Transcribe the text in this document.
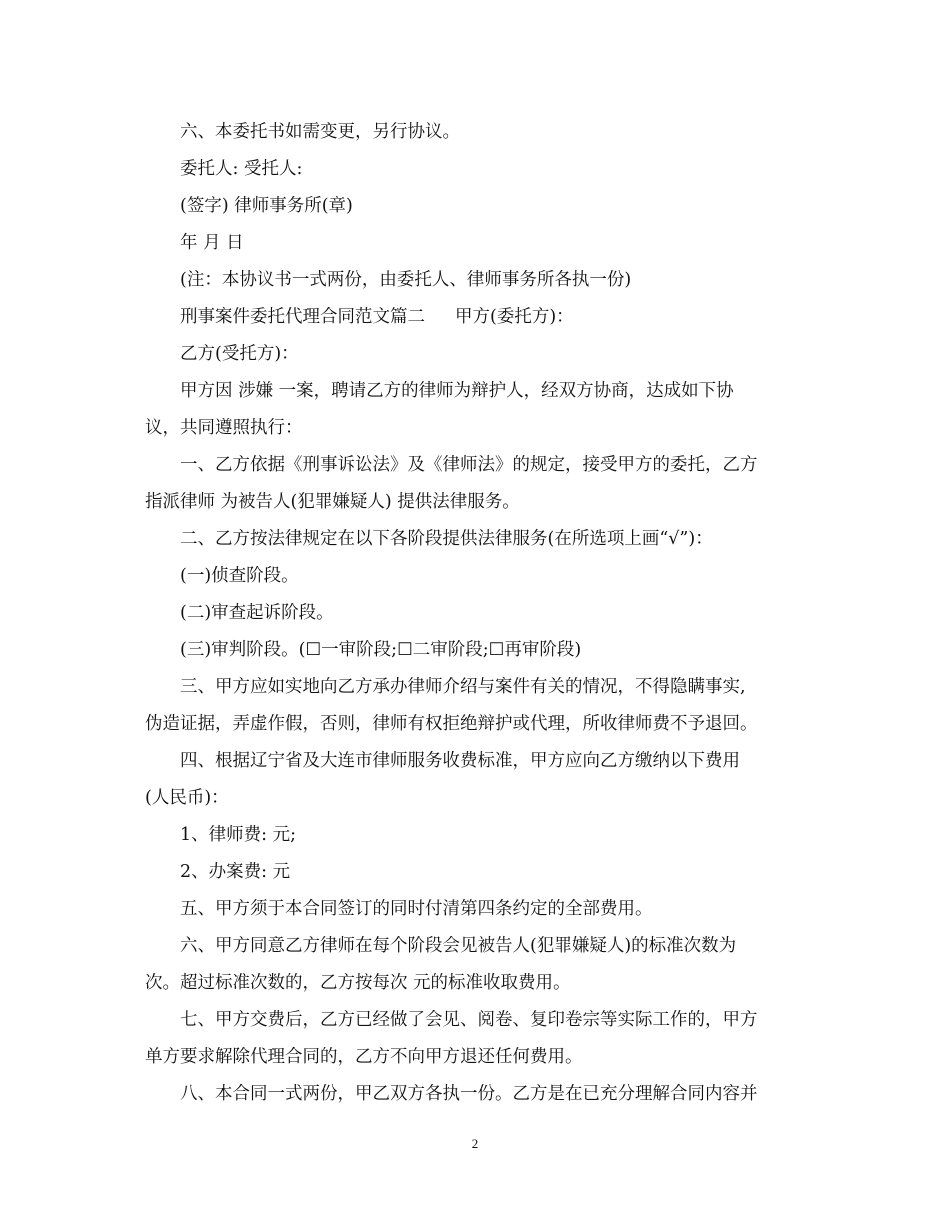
六、本委托书如需变更，另行协议。
委托人: 受托人:
(签字) 律师事务所(章)
年 月 日
(注：本协议书一式两份，由委托人、律师事务所各执一份)
刑事案件委托代理合同范文篇二 甲方(委托方)：
乙方(受托方)：
甲方因 涉嫌 一案，聘请乙方的律师为辩护人，经双方协商，达成如下协
议，共同遵照执行：
一、乙方依据《刑事诉讼法》及《律师法》的规定，接受甲方的委托，乙方
指派律师 为被告人(犯罪嫌疑人) 提供法律服务。
二、乙方按法律规定在以下各阶段提供法律服务(在所选项上画“√”)：
(一)侦查阶段。
(二)审查起诉阶段。
(三)审判阶段。(☐一审阶段;☐二审阶段;☐再审阶段)
三、甲方应如实地向乙方承办律师介绍与案件有关的情况，不得隐瞒事实,
伪造证据，弄虚作假，否则，律师有权拒绝辩护或代理，所收律师费不予退回。
四、根据辽宁省及大连市律师服务收费标准，甲方应向乙方缴纳以下费用
(人民币)：
1、律师费: 元;
2、办案费: 元
五、甲方须于本合同签订的同时付清第四条约定的全部费用。
六、甲方同意乙方律师在每个阶段会见被告人(犯罪嫌疑人)的标准次数为
次。超过标准次数的，乙方按每次 元的标准收取费用。
七、甲方交费后，乙方已经做了会见、阅卷、复印卷宗等实际工作的，甲方
单方要求解除代理合同的，乙方不向甲方退还任何费用。
八、本合同一式两份，甲乙双方各执一份。乙方是在已充分理解合同内容并
2
